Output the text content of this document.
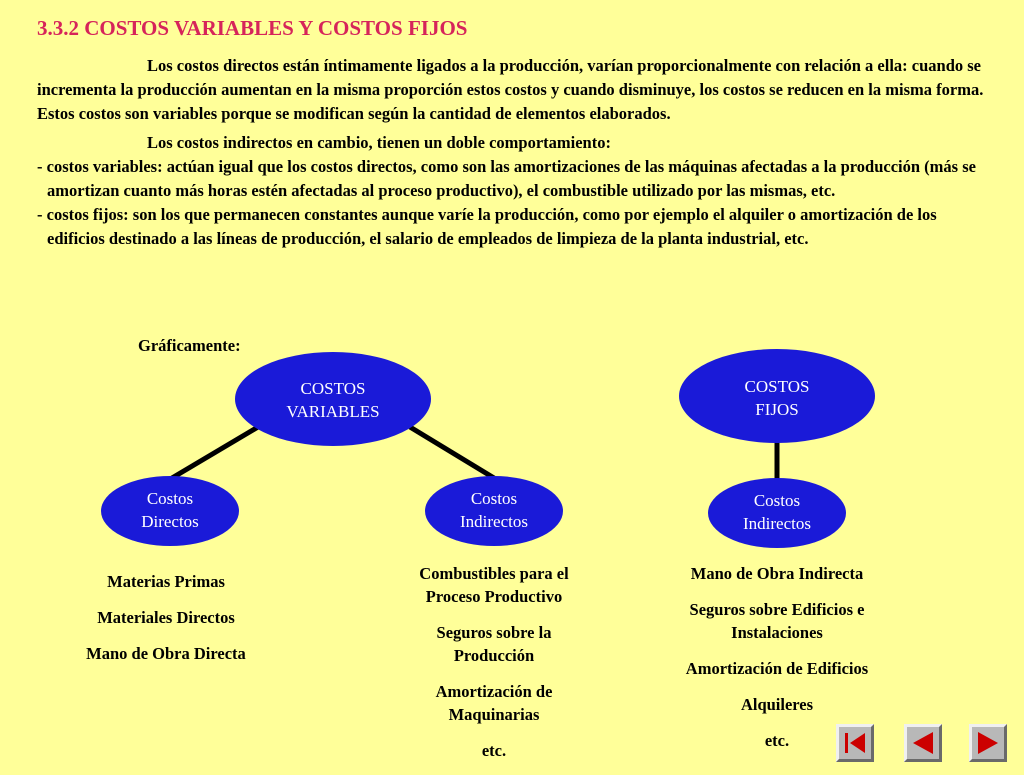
3.3.2 COSTOS VARIABLES Y COSTOS FIJOS

Los costos directos están íntimamente ligados a la producción, varían proporcionalmente con relación a ella: cuando se incrementa la producción aumentan en la misma proporción estos costos y cuando disminuye, los costos se reducen en la misma forma. Estos costos son variables porque se modifican según la cantidad de elementos elaborados.

Los costos indirectos en cambio, tienen un doble comportamiento:

- costos variables: actúan igual que los costos directos, como son las amortizaciones de las máquinas afectadas a la producción (más se amortizan cuanto más horas estén afectadas al proceso productivo), el combustible utilizado por las mismas, etc.

- costos fijos: son los que permanecen constantes aunque varíe la producción, como por ejemplo el alquiler o amortización de los edificios destinado a las líneas de producción, el salario de empleados de limpieza de la planta industrial, etc.

Gráficamente:
COSTOS
VARIABLES
COSTOS
FIJOS
Costos
Directos
Costos
Indirectos
Costos
Indirectos
Materias Primas
Materiales Directos
Mano de Obra Directa
Combustibles para el
Proceso Productivo
Seguros sobre la
Producción
Amortización de
Maquinarias
etc.
Mano de Obra Indirecta
Seguros sobre Edificios e
Instalaciones
Amortización de Edificios
Alquileres
etc.
